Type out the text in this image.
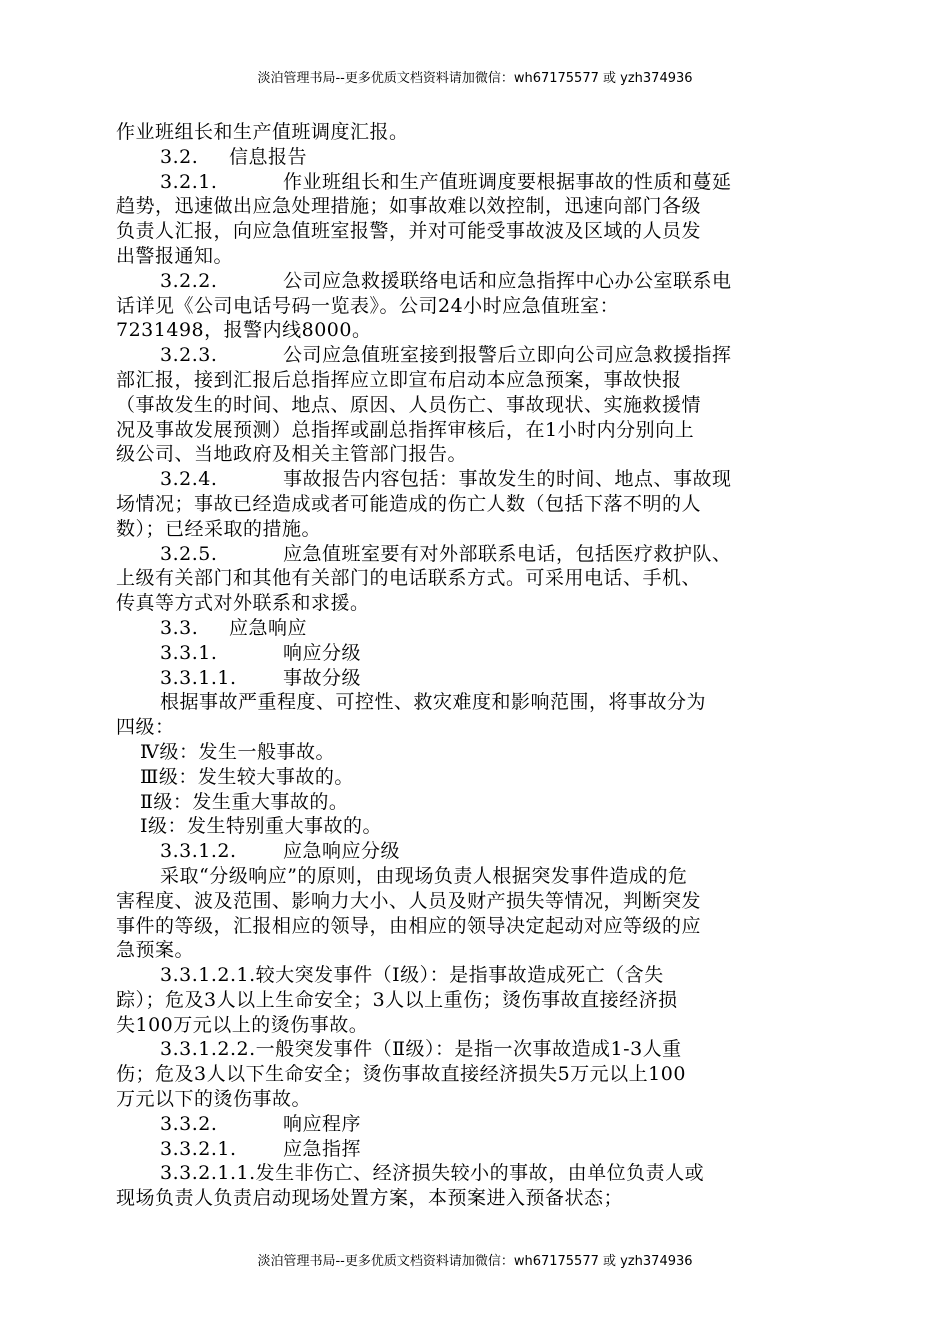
淡泊管理书局--更多优质文档资料请加微信：wh67175577 或 yzh374936
作业班组长和生产值班调度汇报。
3.2. 信息报告
3.2.1.	作业班组长和生产值班调度要根据事故的性质和蔓延
趋势，迅速做出应急处理措施；如事故难以效控制，迅速向部门各级
负责人汇报，向应急值班室报警，并对可能受事故波及区域的人员发
出警报通知。
3.2.2.	公司应急救援联络电话和应急指挥中心办公室联系电
话详见《公司电话号码一览表》。公司24小时应急值班室：
7231498，报警内线8000。
3.2.3.	公司应急值班室接到报警后立即向公司应急救援指挥
部汇报，接到汇报后总指挥应立即宣布启动本应急预案，事故快报
（事故发生的时间、地点、原因、人员伤亡、事故现状、实施救援情
况及事故发展预测）总指挥或副总指挥审核后，在1小时内分别向上
级公司、当地政府及相关主管部门报告。
3.2.4.	事故报告内容包括：事故发生的时间、地点、事故现
场情况；事故已经造成或者可能造成的伤亡人数（包括下落不明的人
数）；已经采取的措施。
3.2.5.	应急值班室要有对外部联系电话，包括医疗救护队、
上级有关部门和其他有关部门的电话联系方式。可采用电话、手机、
传真等方式对外联系和求援。
3.3. 应急响应
3.3.1.	响应分级
3.3.1.1. 事故分级
根据事故严重程度、可控性、救灾难度和影响范围，将事故分为
四级：
Ⅳ级：发生一般事故。
Ⅲ级：发生较大事故的。
Ⅱ级：发生重大事故的。
Ⅰ级：发生特别重大事故的。
3.3.1.2. 应急响应分级
采取“分级响应”的原则，由现场负责人根据突发事件造成的危
害程度、波及范围、影响力大小、人员及财产损失等情况，判断突发
事件的等级，汇报相应的领导，由相应的领导决定起动对应等级的应
急预案。
3.3.1.2.1.较大突发事件（Ⅰ级）：是指事故造成死亡（含失
踪）；危及3人以上生命安全；3人以上重伤；烫伤事故直接经济损
失100万元以上的烫伤事故。
3.3.1.2.2.一般突发事件（Ⅱ级）：是指一次事故造成1-3人重
伤；危及3人以下生命安全；烫伤事故直接经济损失5万元以上100
万元以下的烫伤事故。
3.3.2.	响应程序
3.3.2.1. 应急指挥
3.3.2.1.1.发生非伤亡、经济损失较小的事故，由单位负责人或
现场负责人负责启动现场处置方案，本预案进入预备状态；
淡泊管理书局--更多优质文档资料请加微信：wh67175577 或 yzh374936
